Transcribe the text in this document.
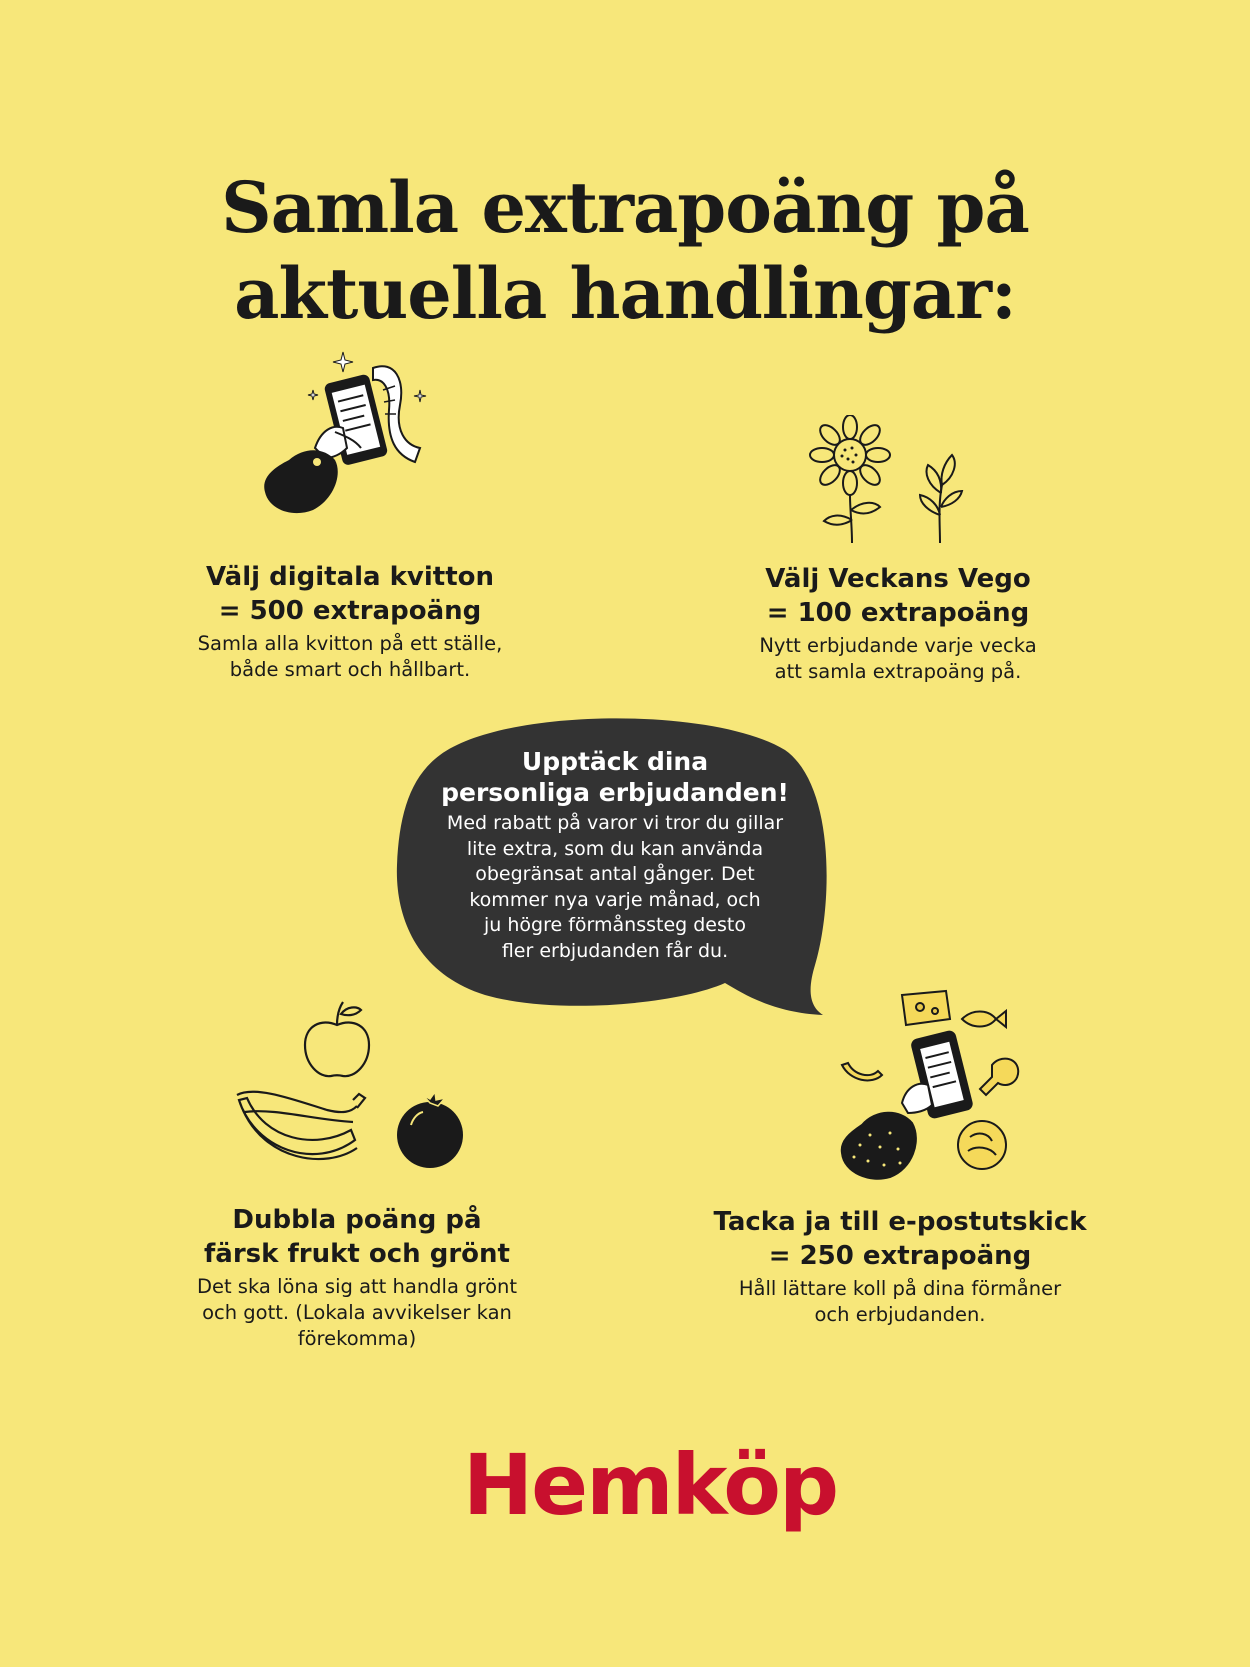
Samla extrapoäng på
aktuella handlingar:
Välj digitala kvitton
= 500 extrapoäng
Samla alla kvitton på ett ställe,
både smart och hållbart.
Välj Veckans Vego
= 100 extrapoäng
Nytt erbjudande varje vecka
att samla extrapoäng på.
Upptäck dina
personliga erbjudanden!
Med rabatt på varor vi tror du gillar
lite extra, som du kan använda
obegränsat antal gånger. Det
kommer nya varje månad, och
ju högre förmånssteg desto
fler erbjudanden får du.
Dubbla poäng på
färsk frukt och grönt
Det ska löna sig att handla grönt
och gott. (Lokala avvikelser kan
förekomma)
Tacka ja till e-postutskick
= 250 extrapoäng
Håll lättare koll på dina förmåner
och erbjudanden.
Hemköp
